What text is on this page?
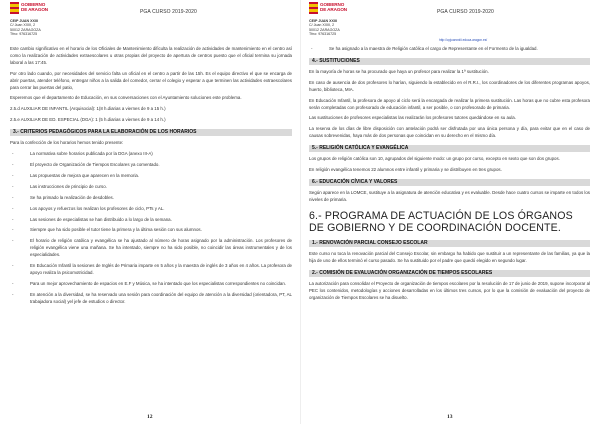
GOBIERNO
DE ARAGON
CEIP JUAN XXIII
C/ Juan XXIII, 2
50012 ZARAGOZA
Tfno: 976316725
PGA CURSO 2019-2020

Este cambio significativo en el horario de los Oficiales de Mantenimiento dificulta la realización de actividades de mantenimiento en el centro así como la realización de actividades extraescolares u otras propias del proyecto de apertura de centros puesto que el oficial termina su jornada laboral a las 17:45.

Por otro lado cuando, por necesidades del servicio falta un oficial en el centro a partir de las 15h. Es el equipo directivo el que se encarga de abrir puertas, atender teléfono, entregar niños a la salida del comedor, cerrar el colegio y esperar a que terminen las actividades extraescolares para cerrar las puertas del patio,

Esperemos que el departamento de Educación, en sus conversaciones con el Ayuntamiento soluciones este problema.

2.5.d AUXILIAR DE INFANTIL (Arquisocial): 1(8 h.diarias a viernes de 9 a 15 h.)

2.5.e AUXILIAR DE ED. ESPECIAL (DGA): 1 (5 h.diarias a viernes de 9 a 14 h.)

3.- CRITERIOS PEDAGÓGICOS PARA LA ELABORACIÓN DE LOS HORARIOS

Para la confección de los horarios hemos tenido presente:

- La normativa sobre horarios publicada por la DGA (anexo III-A)
- El proyecto de Organización de Tiempos Escolares ya comentado.
- Las propuestas de mejora que aparecen en la memoria.
- Las instrucciones de principio de curso.
- Se ha primado la realización de desdobles.
- Los apoyos y refuerzos los realizan los profesores de ciclo, PTs y AL.
- Las sesiones de especialistas se han distribuido a lo largo de la semana.
- Siempre que ha sido posible el tutor tiene la primera y la última sesión con sus alumnos.
- El horario de religión católica y evangélica se ha ajustado al número de horas asignado por la administración. Los profesores de religión evangélica viene una mañana. Se ha intentado, siempre no ha sido posible, no coincidir las áreas instrumentales y de los especialidades.
- En Educación Infantil la sesiones de Inglés de Primaria imparte en 5 años y la maestra de inglés de 3 años en 4 años. La profesora de apoyo realiza la psicomotricidad.
- Para un mejor aprovechamiento de espacios en E.F y Música, se ha intentado que los especialistas correspondientes no coincidan.
- En atención a la diversidad, se ha reservado una sesión para coordinación del equipo de atención a la diversidad (orientadora, PT, AL trabajadora social) yel jefe de estudios o director.
12
GOBIERNO
DE ARAGON
CEIP JUAN XXIII
C/ Juan XXIII, 2
50012 ZARAGOZA
Tfno: 976316725
PGA CURSO 2019-2020
http://cpjuanxxiii.educa.aragon.es/
- Se ha asignado a la maestra de Religión católica el cargo de Representante en el Formento de la igualdad.
4.- SUSTITUCIONES

En la mayoría de horas se ha procurado que haya un profesor para realizar la 1ª sustitución.

En caso de ausencia de dos profesores lo harían, siguiendo la establecido en el R.R.I., los coordinadores de los diferentes programas apoyos, huerto, biblioteca, MIA.

En Educación Infantil, la profesora de apoyo al ciclo será la encargada de realizar la primera sustitución. Las horas que no cubre esta profesora serán completadas con profesorado de educación infantil, a ser posible, o con profesorado de primaria.

Las sustituciones de profesores especialistas las realizarán los profesores tutores quedándose en su aula.

La reserva de los días de libre disposición con antelación podrá ser disfrutada por una única persona y día, para evitar que en el caso de causas sobrevenidas, haya más de dos personas que coincidan en su derecho en el mismo día.

5.- RELIGIÓN CATÓLICA Y EVANGÉLICA

Los grupos de religión católica son 10, agrupados del siguiente modo: un grupo por curso, excepto en sexto que son dos grupos.

En religión evangélica tenemos 22 alumnos entre infantil y primaria y se distribuyen en tres grupos.

6.- EDUCACIÓN CÍVICA Y VALORES

Según aparece en la LOMCE, sustituye a la asignatura de atención educativa y es evaluable. Desde hace cuatro cursos se imparte en todos los niveles de primaria.

6.- PROGRAMA DE ACTUACIÓN DE LOS ÓRGANOS DE GOBIERNO Y DE COORDINACIÓN DOCENTE.
1.- RENOVACIÓN PARCIAL CONSEJO ESCOLAR

Este curso no toca la renovación parcial del Consejo Escolar, sin embargo ha habido que sustituir a un representante de las familias, ya que la hija de uno de ellos terminó el curso pasado. Se ha sustituido por el padre que quedó elegido en segundo lugar.

2.- COMISIÓN DE EVALUACIÓN ORGANIZACIÓN DE TIEMPOS ESCOLARES

La autorización para consolidar el Proyecto de organización de tiempos escolares por la resolución de 17 de junio de 2019, supone incorporar al PEC los contenidos, metodologías y acciones desarrolladas en los últimos tres cursos, por lo que la comisión de evaluación del proyecto de organización de Tiempos Escolares se ha disuelto.

13
